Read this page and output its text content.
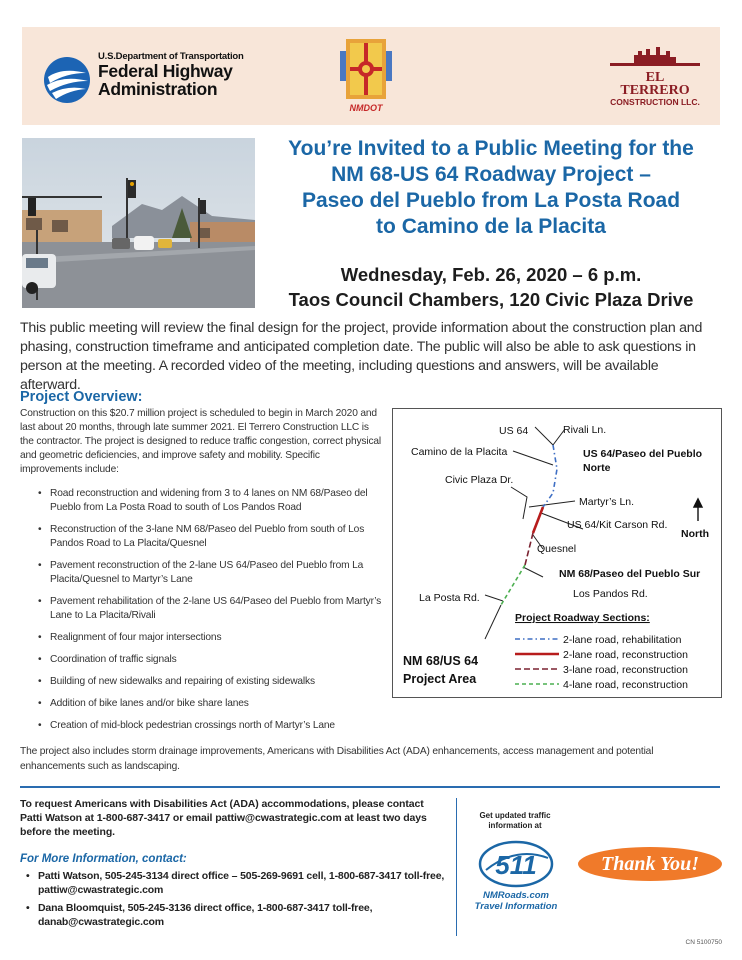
U.S.Department of Transportation
Federal Highway
Administration
NMDOT
EL
TERRERO
CONSTRUCTION LLC.
You’re Invited to a Public Meeting for the
NM 68-US 64 Roadway Project –
Paseo del Pueblo from La Posta Road
to Camino de la Placita
Wednesday, Feb. 26, 2020 – 6 p.m.
Taos Council Chambers, 120 Civic Plaza Drive

This public meeting will review the final design for the project, provide information about the construction plan and phasing, construction timeframe and anticipated completion date. The public will also be able to ask questions in person at the meeting. A recorded video of the meeting, including questions and answers, will be available afterward.

Project Overview:

Construction on this $20.7 million project is scheduled to begin in March 2020 and last about 20 months, through late summer 2021. El Terrero Construction LLC is the contractor. The project is designed to reduce traffic congestion, correct physical and geometric deficiencies, and improve safety and mobility. Specific improvements include:

• Road reconstruction and widening from 3 to 4 lanes on NM 68/Paseo del Pueblo from La Posta Road to south of Los Pandos Road
• Reconstruction of the 3-lane NM 68/Paseo del Pueblo from south of Los Pandos Road to La Placita/Quesnel
• Pavement reconstruction of the 2-lane US 64/Paseo del Pueblo from La Placita/Quesnel to Martyr’s Lane
• Pavement rehabilitation of the 2-lane US 64/Paseo del Pueblo from Martyr’s Lane to La Placita/Rivali
• Realignment of four major intersections
• Coordination of traffic signals
• Building of new sidewalks and repairing of existing sidewalks
• Addition of bike lanes and/or bike share lanes
• Creation of mid-block pedestrian crossings north of Martyr’s Lane

The project also includes storm drainage improvements, Americans with Disabilities Act (ADA) enhancements, access management and potential enhancements such as landscaping.

US 64	Rivali Ln.
Camino de la Placita	US 64/Paseo del Pueblo
Norte
Civic Plaza Dr.
Martyr’s Ln.
US 64/Kit Carson Rd.
North
Quesnel
NM 68/Paseo del Pueblo Sur
La Posta Rd.	Los Pandos Rd.
NM 68/US 64
Project Area
Project Roadway Sections:
2-lane road, rehabilitation
2-lane road, reconstruction
3-lane road, reconstruction
4-lane road, reconstruction

To request Americans with Disabilities Act (ADA) accommodations, please contact Patti Watson at 1-800-687-3417 or email pattiw@cwastrategic.com at least two days before the meeting.

For More Information, contact:
• Patti Watson, 505-245-3134 direct office – 505-269-9691 cell, 1-800-687-3417 toll-free, pattiw@cwastrategic.com
• Dana Bloomquist, 505-245-3136 direct office, 1-800-687-3417 toll-free, danab@cwastrategic.com
Get updated traffic information at
511
NMRoads.com
Travel Information
Thank You!
CN 5100750
